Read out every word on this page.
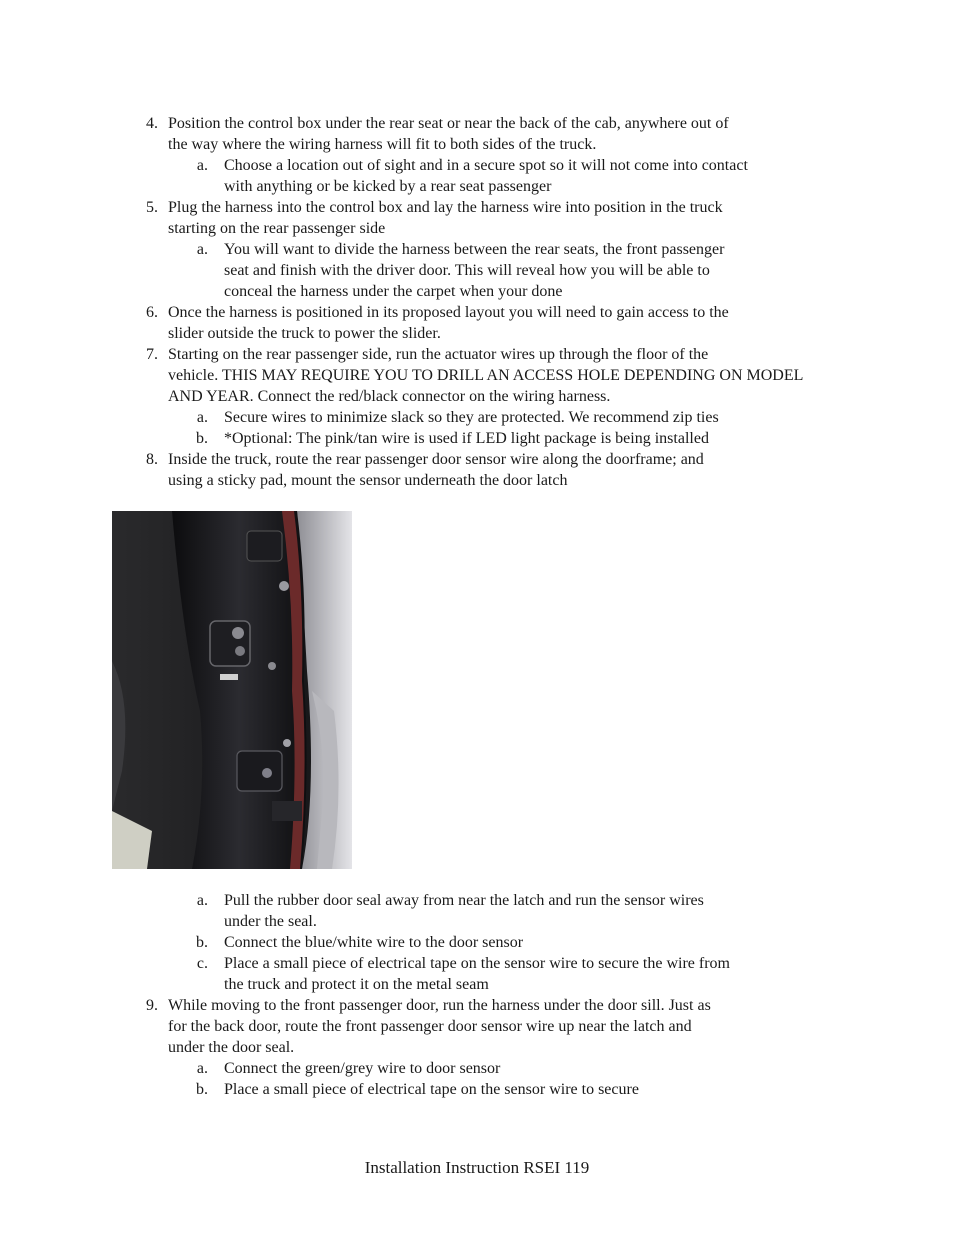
4. Position the control box under the rear seat or near the back of the cab, anywhere out of
the way where the wiring harness will fit to both sides of the truck.
a. Choose a location out of sight and in a secure spot so it will not come into contact
with anything or be kicked by a rear seat passenger
5. Plug the harness into the control box and lay the harness wire into position in the truck
starting on the rear passenger side
a. You will want to divide the harness between the rear seats, the front passenger
seat and finish with the driver door. This will reveal how you will be able to
conceal the harness under the carpet when your done
6. Once the harness is positioned in its proposed layout you will need to gain access to the
slider outside the truck to power the slider.
7. Starting on the rear passenger side, run the actuator wires up through the floor of the
vehicle. THIS MAY REQUIRE YOU TO DRILL AN ACCESS HOLE DEPENDING ON MODEL
AND YEAR. Connect the red/black connector on the wiring harness.
a. Secure wires to minimize slack so they are protected. We recommend zip ties
b. *Optional: The pink/tan wire is used if LED light package is being installed
8. Inside the truck, route the rear passenger door sensor wire along the doorframe; and
using a sticky pad, mount the sensor underneath the door latch
a. Pull the rubber door seal away from near the latch and run the sensor wires
under the seal.
b. Connect the blue/white wire to the door sensor
c. Place a small piece of electrical tape on the sensor wire to secure the wire from
the truck and protect it on the metal seam
9. While moving to the front passenger door, run the harness under the door sill. Just as
for the back door, route the front passenger door sensor wire up near the latch and
under the door seal.
a. Connect the green/grey wire to door sensor
b. Place a small piece of electrical tape on the sensor wire to secure
Installation Instruction RSEI 119
